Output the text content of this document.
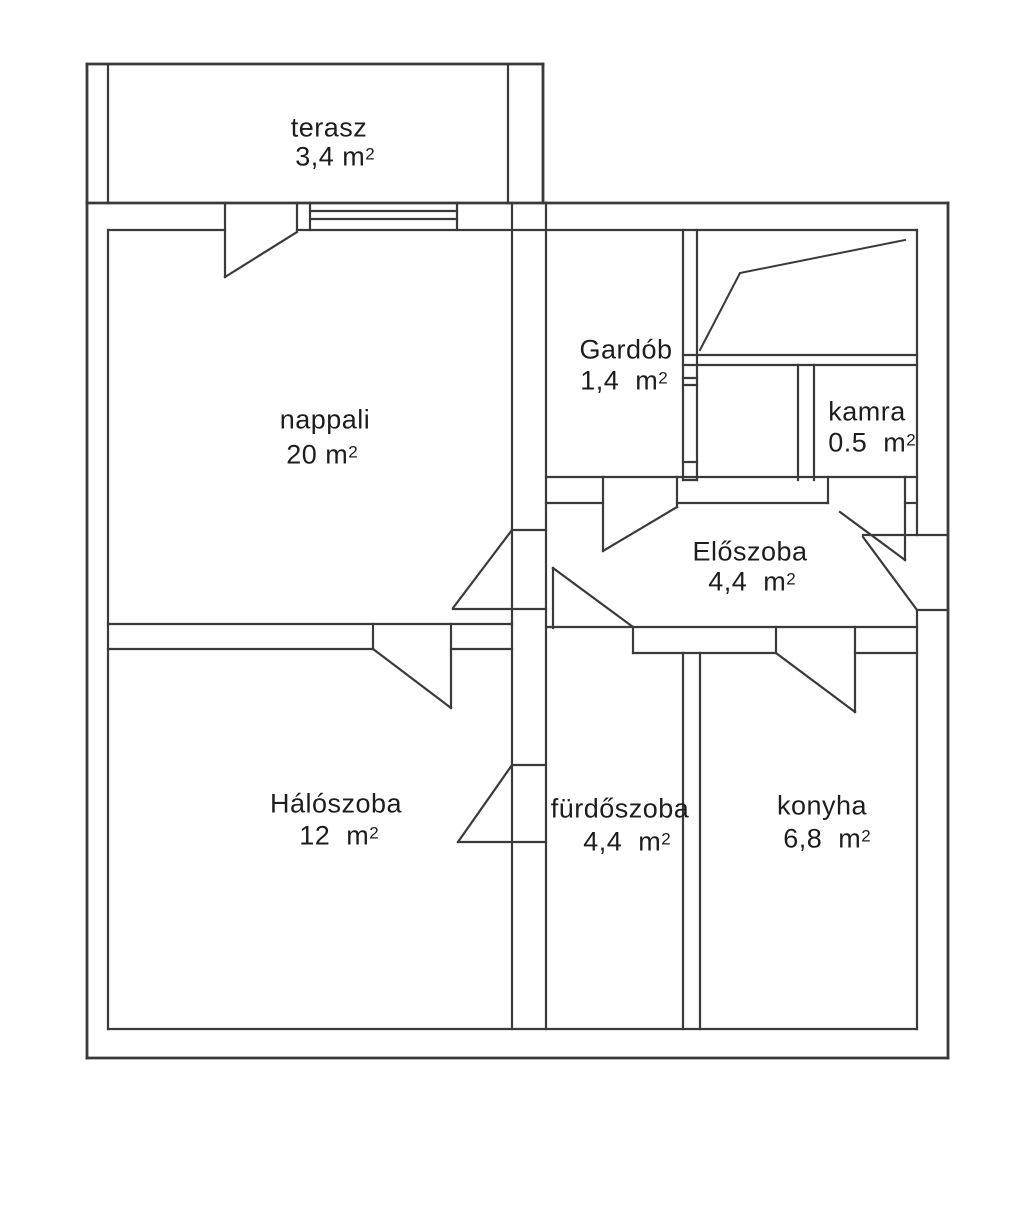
terasz
3,4 $m^2$
nappali
20 $m^2$
Gardób
1,4  $m^2$
kamra
0.5  $m^2$
Előszoba
4,4  $m^2$
Hálószoba
12  $m^2$
fürdőszoba
4,4  $m^2$
konyha
6,8  $m^2$
